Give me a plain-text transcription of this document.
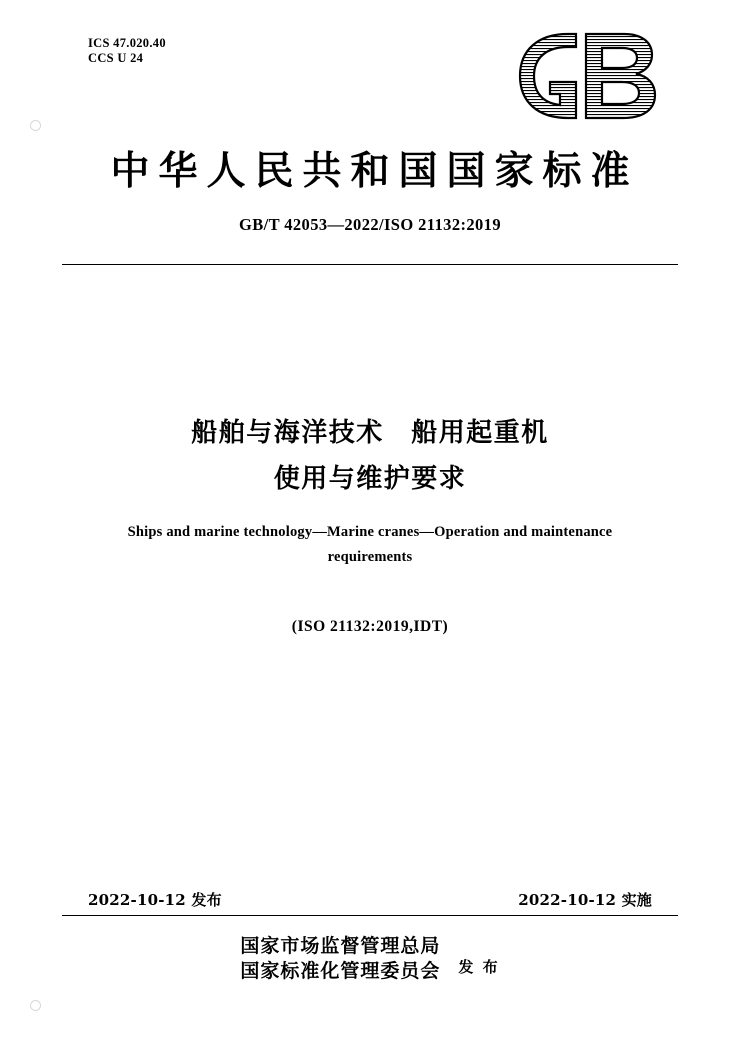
ICS 47.020.40
CCS U 24
中华人民共和国国家标准
GB/T 42053—2022/ISO 21132:2019
船舶与海洋技术　船用起重机
使用与维护要求
Ships and marine technology—Marine cranes—Operation and maintenance
requirements
(ISO 21132:2019,IDT)
2022-10-12 发布	2022-10-12 实施
国家市场监督管理总局
国家标准化管理委员会 发 布
